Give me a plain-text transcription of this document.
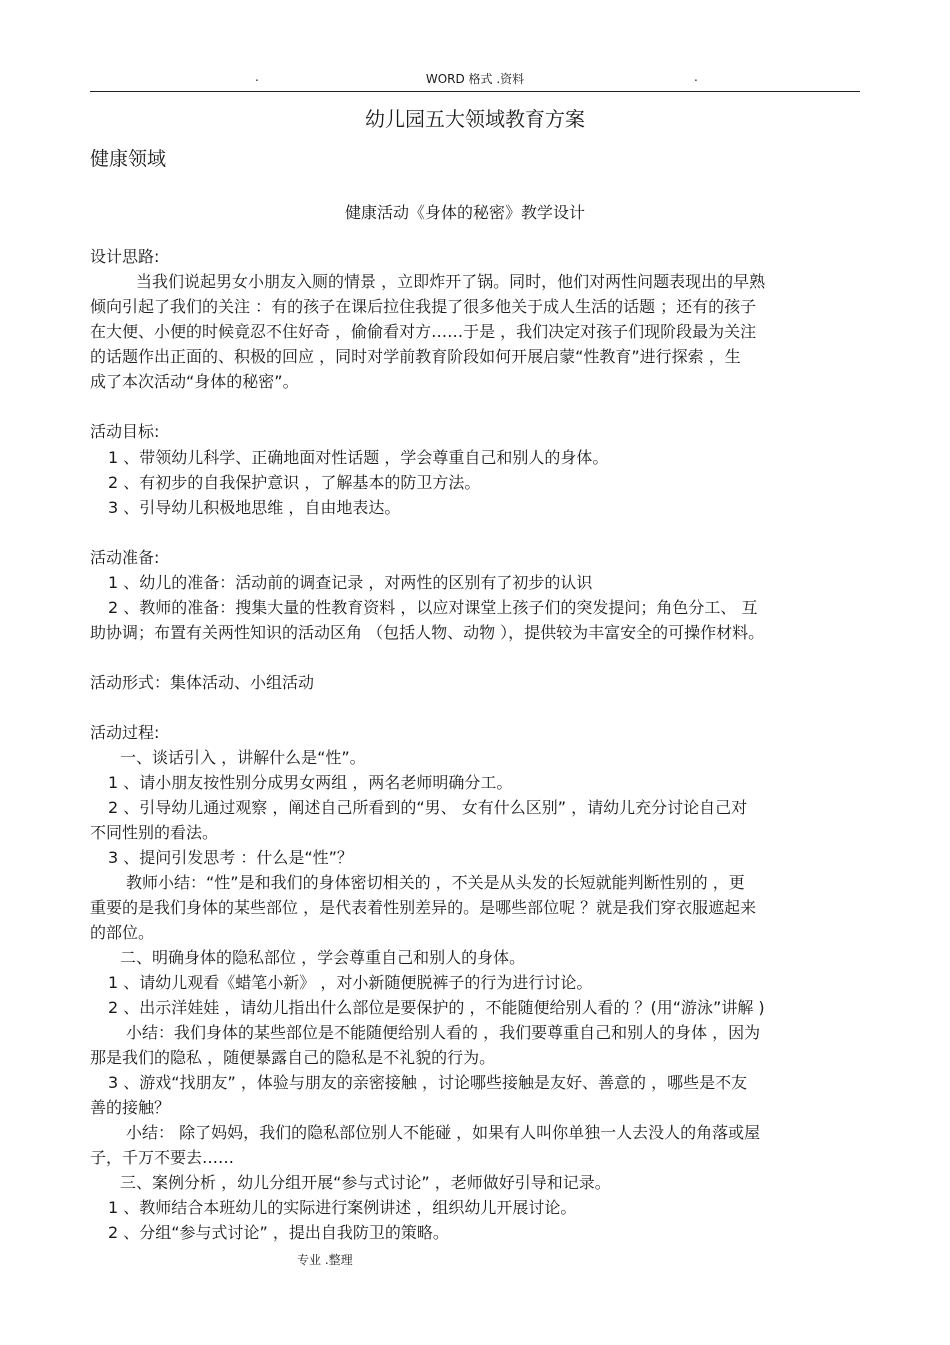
.	WORD 格式 .资料	.
幼儿园五大领域教育方案
健康领域
健康活动《身体的秘密》教学设计
设计思路:
当我们说起男女小朋友入厕的情景 ，立即炸开了锅。同时，他们对两性问题表现出的早熟
倾向引起了我们的关注 ：有的孩子在课后拉住我提了很多他关于成人生活的话题 ；还有的孩子
在大便、小便的时候竟忍不住好奇 ，偷偷看对方……于是 ，我们决定对孩子们现阶段最为关注
的话题作出正面的、积极的回应 ，同时对学前教育阶段如何开展启蒙“性教育”进行探索 ，生
成了本次活动“身体的秘密”。
活动目标:
1 、带领幼儿科学、正确地面对性话题 ，学会尊重自己和别人的身体。
2 、有初步的自我保护意识 ，了解基本的防卫方法。
3 、引导幼儿积极地思维 ，自由地表达。
活动准备:
1 、幼儿的准备：活动前的调查记录 ，对两性的区别有了初步的认识
2 、教师的准备：搜集大量的性教育资料 ，以应对课堂上孩子们的突发提问；角色分工、 互
助协调；布置有关两性知识的活动区角 （包括人物、动物 ），提供较为丰富安全的可操作材料。
活动形式：集体活动、小组活动
活动过程:
一、谈话引入 ，讲解什么是“性”。
1 、请小朋友按性别分成男女两组 ，两名老师明确分工。
2 、引导幼儿通过观察 ，阐述自己所看到的“男、 女有什么区别” ，请幼儿充分讨论自己对
不同性别的看法。
3 、提问引发思考 ：什么是“性”？
教师小结：“性”是和我们的身体密切相关的 ，不关是从头发的长短就能判断性别的 ，更
重要的是我们身体的某些部位 ，是代表着性别差异的。是哪些部位呢 ？就是我们穿衣服遮起来
的部位。
二、明确身体的隐私部位 ，学会尊重自己和别人的身体。
1 、请幼儿观看《蜡笔小新》 ，对小新随便脱裤子的行为进行讨论。
2 、出示洋娃娃 ，请幼儿指出什么部位是要保护的 ，不能随便给别人看的 ？(用“游泳”讲解 )
小结：我们身体的某些部位是不能随便给别人看的 ，我们要尊重自己和别人的身体 ，因为
那是我们的隐私 ，随便暴露自己的隐私是不礼貌的行为。
3 、游戏“找朋友” ，体验与朋友的亲密接触 ，讨论哪些接触是友好、善意的 ，哪些是不友
善的接触？
小结： 除了妈妈，我们的隐私部位别人不能碰 ，如果有人叫你单独一人去没人的角落或屋
子，千万不要去……
三、案例分析 ，幼儿分组开展“参与式讨论” ，老师做好引导和记录。
1 、教师结合本班幼儿的实际进行案例讲述 ，组织幼儿开展讨论。
2 、分组“参与式讨论” ，提出自我防卫的策略。
专业 .整理
